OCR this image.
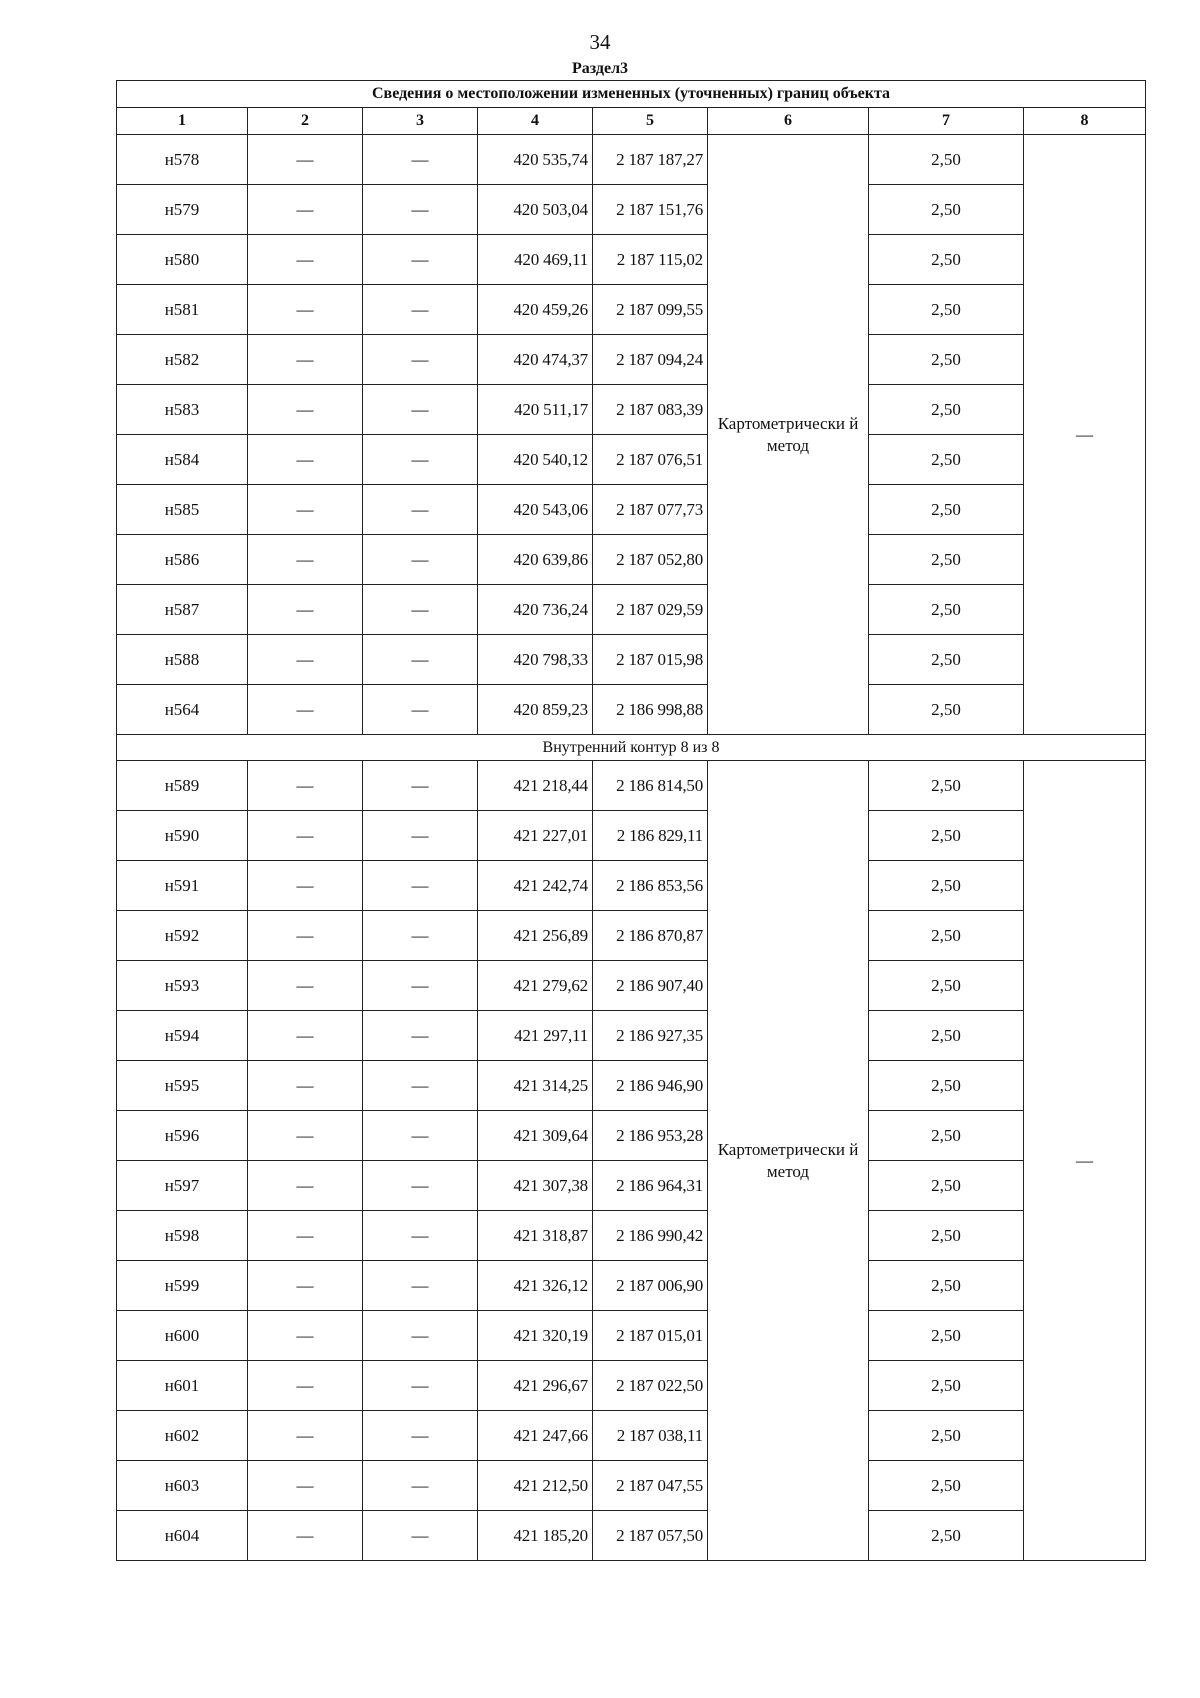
34
Раздел3
Сведения о местоположении измененных (уточненных) границ объекта							
1	2	3	4	5	6	7	8
н578	—	—	420 535,74	2 187 187,27	Картометрически й метод	2,50	—
н579	—	—	420 503,04	2 187 151,76		2,50	
н580	—	—	420 469,11	2 187 115,02		2,50	
н581	—	—	420 459,26	2 187 099,55		2,50	
н582	—	—	420 474,37	2 187 094,24		2,50	
н583	—	—	420 511,17	2 187 083,39		2,50	
н584	—	—	420 540,12	2 187 076,51		2,50	
н585	—	—	420 543,06	2 187 077,73		2,50	
н586	—	—	420 639,86	2 187 052,80		2,50	
н587	—	—	420 736,24	2 187 029,59		2,50	
н588	—	—	420 798,33	2 187 015,98		2,50	
н564	—	—	420 859,23	2 186 998,88		2,50	
Внутренний контур 8 из 8							
н589	—	—	421 218,44	2 186 814,50	Картометрически й метод	2,50	—
н590	—	—	421 227,01	2 186 829,11		2,50	
н591	—	—	421 242,74	2 186 853,56		2,50	
н592	—	—	421 256,89	2 186 870,87		2,50	
н593	—	—	421 279,62	2 186 907,40		2,50	
н594	—	—	421 297,11	2 186 927,35		2,50	
н595	—	—	421 314,25	2 186 946,90		2,50	
н596	—	—	421 309,64	2 186 953,28		2,50	
н597	—	—	421 307,38	2 186 964,31		2,50	
н598	—	—	421 318,87	2 186 990,42		2,50	
н599	—	—	421 326,12	2 187 006,90		2,50	
н600	—	—	421 320,19	2 187 015,01		2,50	
н601	—	—	421 296,67	2 187 022,50		2,50	
н602	—	—	421 247,66	2 187 038,11		2,50	
н603	—	—	421 212,50	2 187 047,55		2,50	
н604	—	—	421 185,20	2 187 057,50		2,50	
